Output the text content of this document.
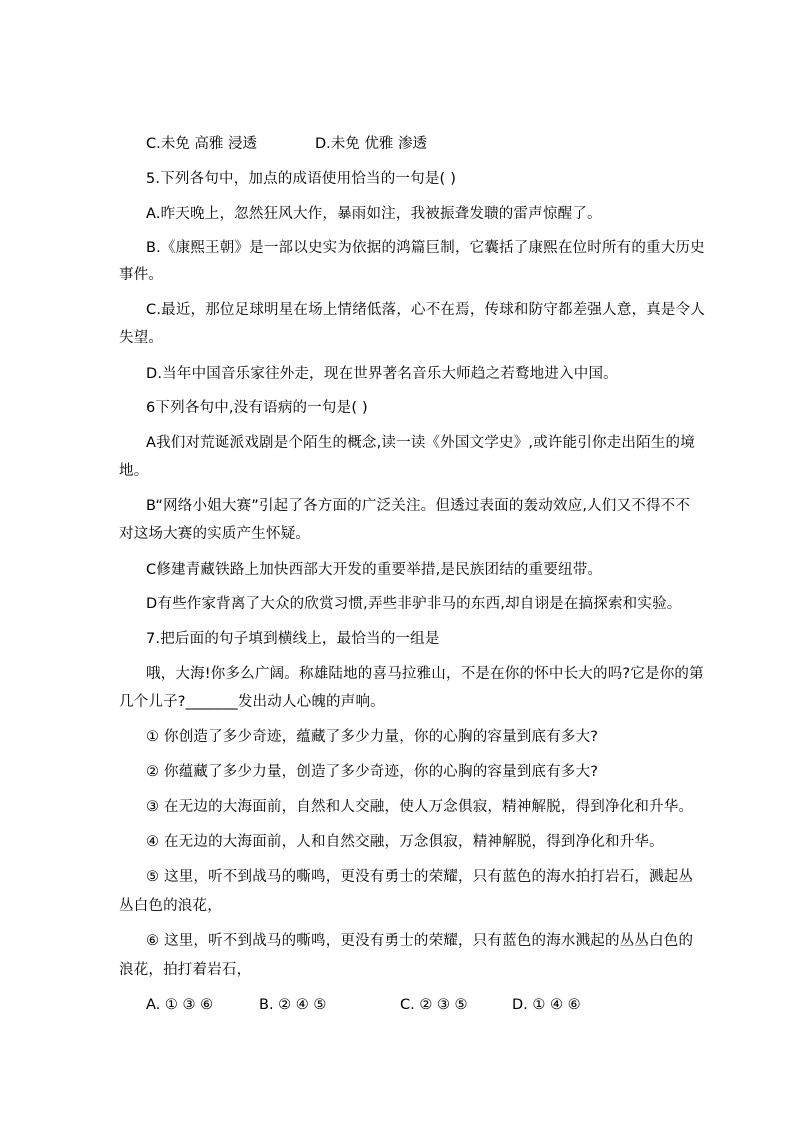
C.未免 高雅 浸透	D.未免 优雅 渗透
5.下列各句中，加点的成语使用恰当的一句是( )
A.昨天晚上，忽然狂风大作，暴雨如注，我被振聋发聩的雷声惊醒了。
B.《康熙王朝》是一部以史实为依据的鸿篇巨制，它囊括了康熙在位时所有的重大历史
事件。
C.最近，那位足球明星在场上情绪低落，心不在焉，传球和防守都差强人意，真是令人
失望。
D.当年中国音乐家往外走，现在世界著名音乐大师趋之若鹜地进入中国。
6下列各句中,没有语病的一句是( )
A我们对荒诞派戏剧是个陌生的概念,读一读《外国文学史》,或许能引你走出陌生的境
地。
B“网络小姐大赛”引起了各方面的广泛关注。但透过表面的轰动效应,人们又不得不不
对这场大赛的实质产生怀疑。
C修建青藏铁路上加快西部大开发的重要举措,是民族团结的重要纽带。
D有些作家背离了大众的欣赏习惯,弄些非驴非马的东西,却自诩是在搞探索和实验。
7.把后面的句子填到横线上，最恰当的一组是
哦，大海!你多么广阔。称雄陆地的喜马拉雅山，不是在你的怀中长大的吗?它是你的第
几个儿子?_______发出动人心魄的声响。
① 你创造了多少奇迹，蕴藏了多少力量，你的心胸的容量到底有多大?
② 你蕴藏了多少力量，创造了多少奇迹，你的心胸的容量到底有多大?
③ 在无边的大海面前，自然和人交融，使人万念俱寂，精神解脱，得到净化和升华。
④ 在无边的大海面前，人和自然交融，万念俱寂，精神解脱，得到净化和升华。
⑤ 这里，听不到战马的嘶鸣，更没有勇士的荣耀，只有蓝色的海水拍打岩石，溅起丛
丛白色的浪花，
⑥ 这里，听不到战马的嘶鸣，更没有勇士的荣耀，只有蓝色的海水溅起的丛丛白色的
浪花，拍打着岩石，
A. ① ③ ⑥	B. ② ④ ⑤	C. ② ③ ⑤	D. ① ④ ⑥
